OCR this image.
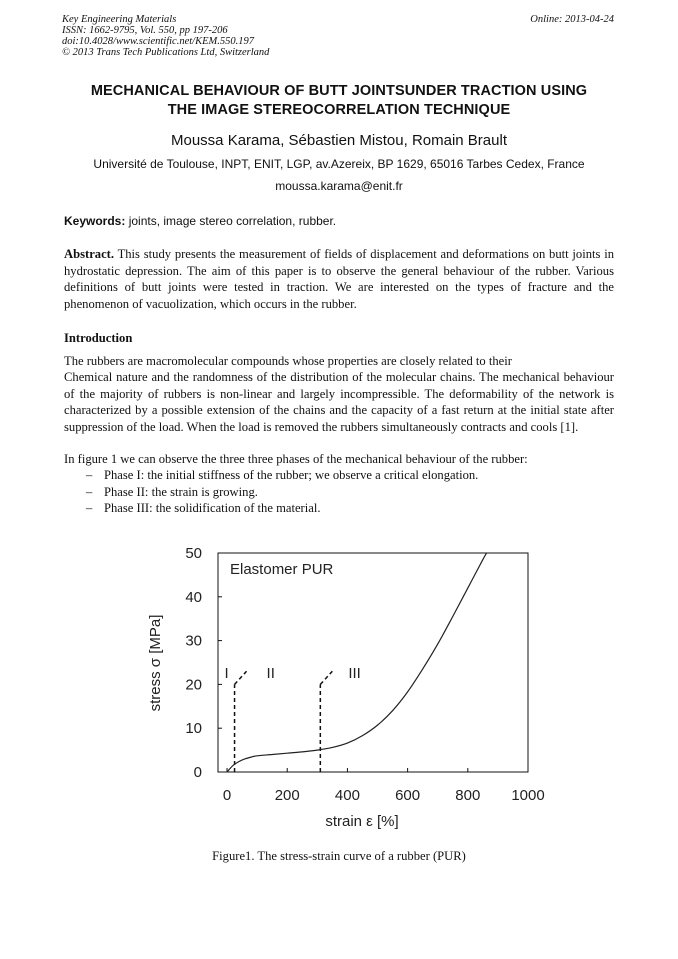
Key Engineering Materials
ISSN: 1662-9795, Vol. 550, pp 197-206
doi:10.4028/www.scientific.net/KEM.550.197
© 2013 Trans Tech Publications Ltd, Switzerland
Online: 2013-04-24
MECHANICAL BEHAVIOUR OF BUTT JOINTSUNDER TRACTION USING
THE IMAGE STEREOCORRELATION TECHNIQUE
Moussa Karama, Sébastien Mistou, Romain Brault
Université de Toulouse, INPT, ENIT, LGP, av.Azereix, BP 1629, 65016 Tarbes Cedex, France
moussa.karama@enit.fr
Keywords: joints, image stereo correlation, rubber.
Abstract. This study presents the measurement of fields of displacement and deformations on butt joints in hydrostatic depression. The aim of this paper is to observe the general behaviour of the rubber. Various definitions of butt joints were tested in traction. We are interested on the types of fracture and the phenomenon of vacuolization, which occurs in the rubber.
Introduction
The rubbers are macromolecular compounds whose properties are closely related to their
Chemical nature and the randomness of the distribution of the molecular chains. The mechanical behaviour of the majority of rubbers is non-linear and largely incompressible. The deformability of the network is characterized by a possible extension of the chains and the capacity of a fast return at the initial state after suppression of the load. When the load is removed the rubbers simultaneously contracts and cools [1].
In figure 1 we can observe the three three phases of the mechanical behaviour of the rubber:
– Phase I: the initial stiffness of the rubber; we observe a critical elongation.
– Phase II: the strain is growing.
– Phase III: the solidification of the material.
Elastomer PUR
stress σ [MPa]
strain ε [%]
0	200 400 600 800 1000
0
10
20
30
40
50
I	II	III
Figure1. The stress-strain curve of a rubber (PUR)
